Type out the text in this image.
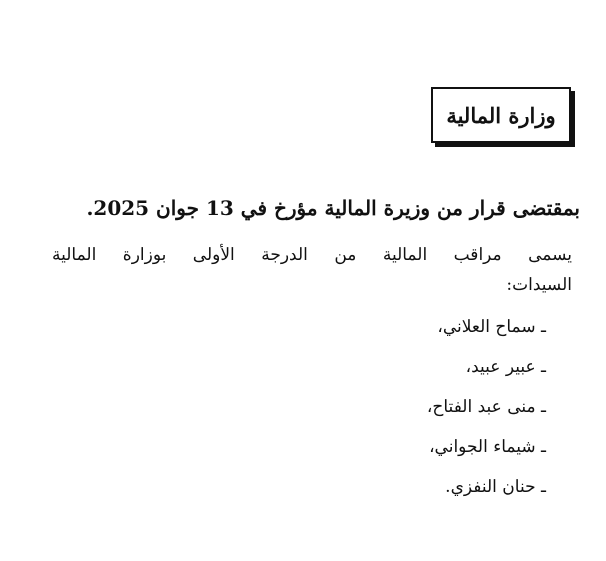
وزارة المالية
بمقتضى قرار من وزيرة المالية مؤرخ في 13 جوان 2025.
يسمى مراقب المالية من الدرجة الأولى بوزارة المالية
السيدات:
ـ سماح العلاني،
ـ عبير عبيد،
ـ منى عبد الفتاح،
ـ شيماء الجواني،
ـ حنان النفزي.
